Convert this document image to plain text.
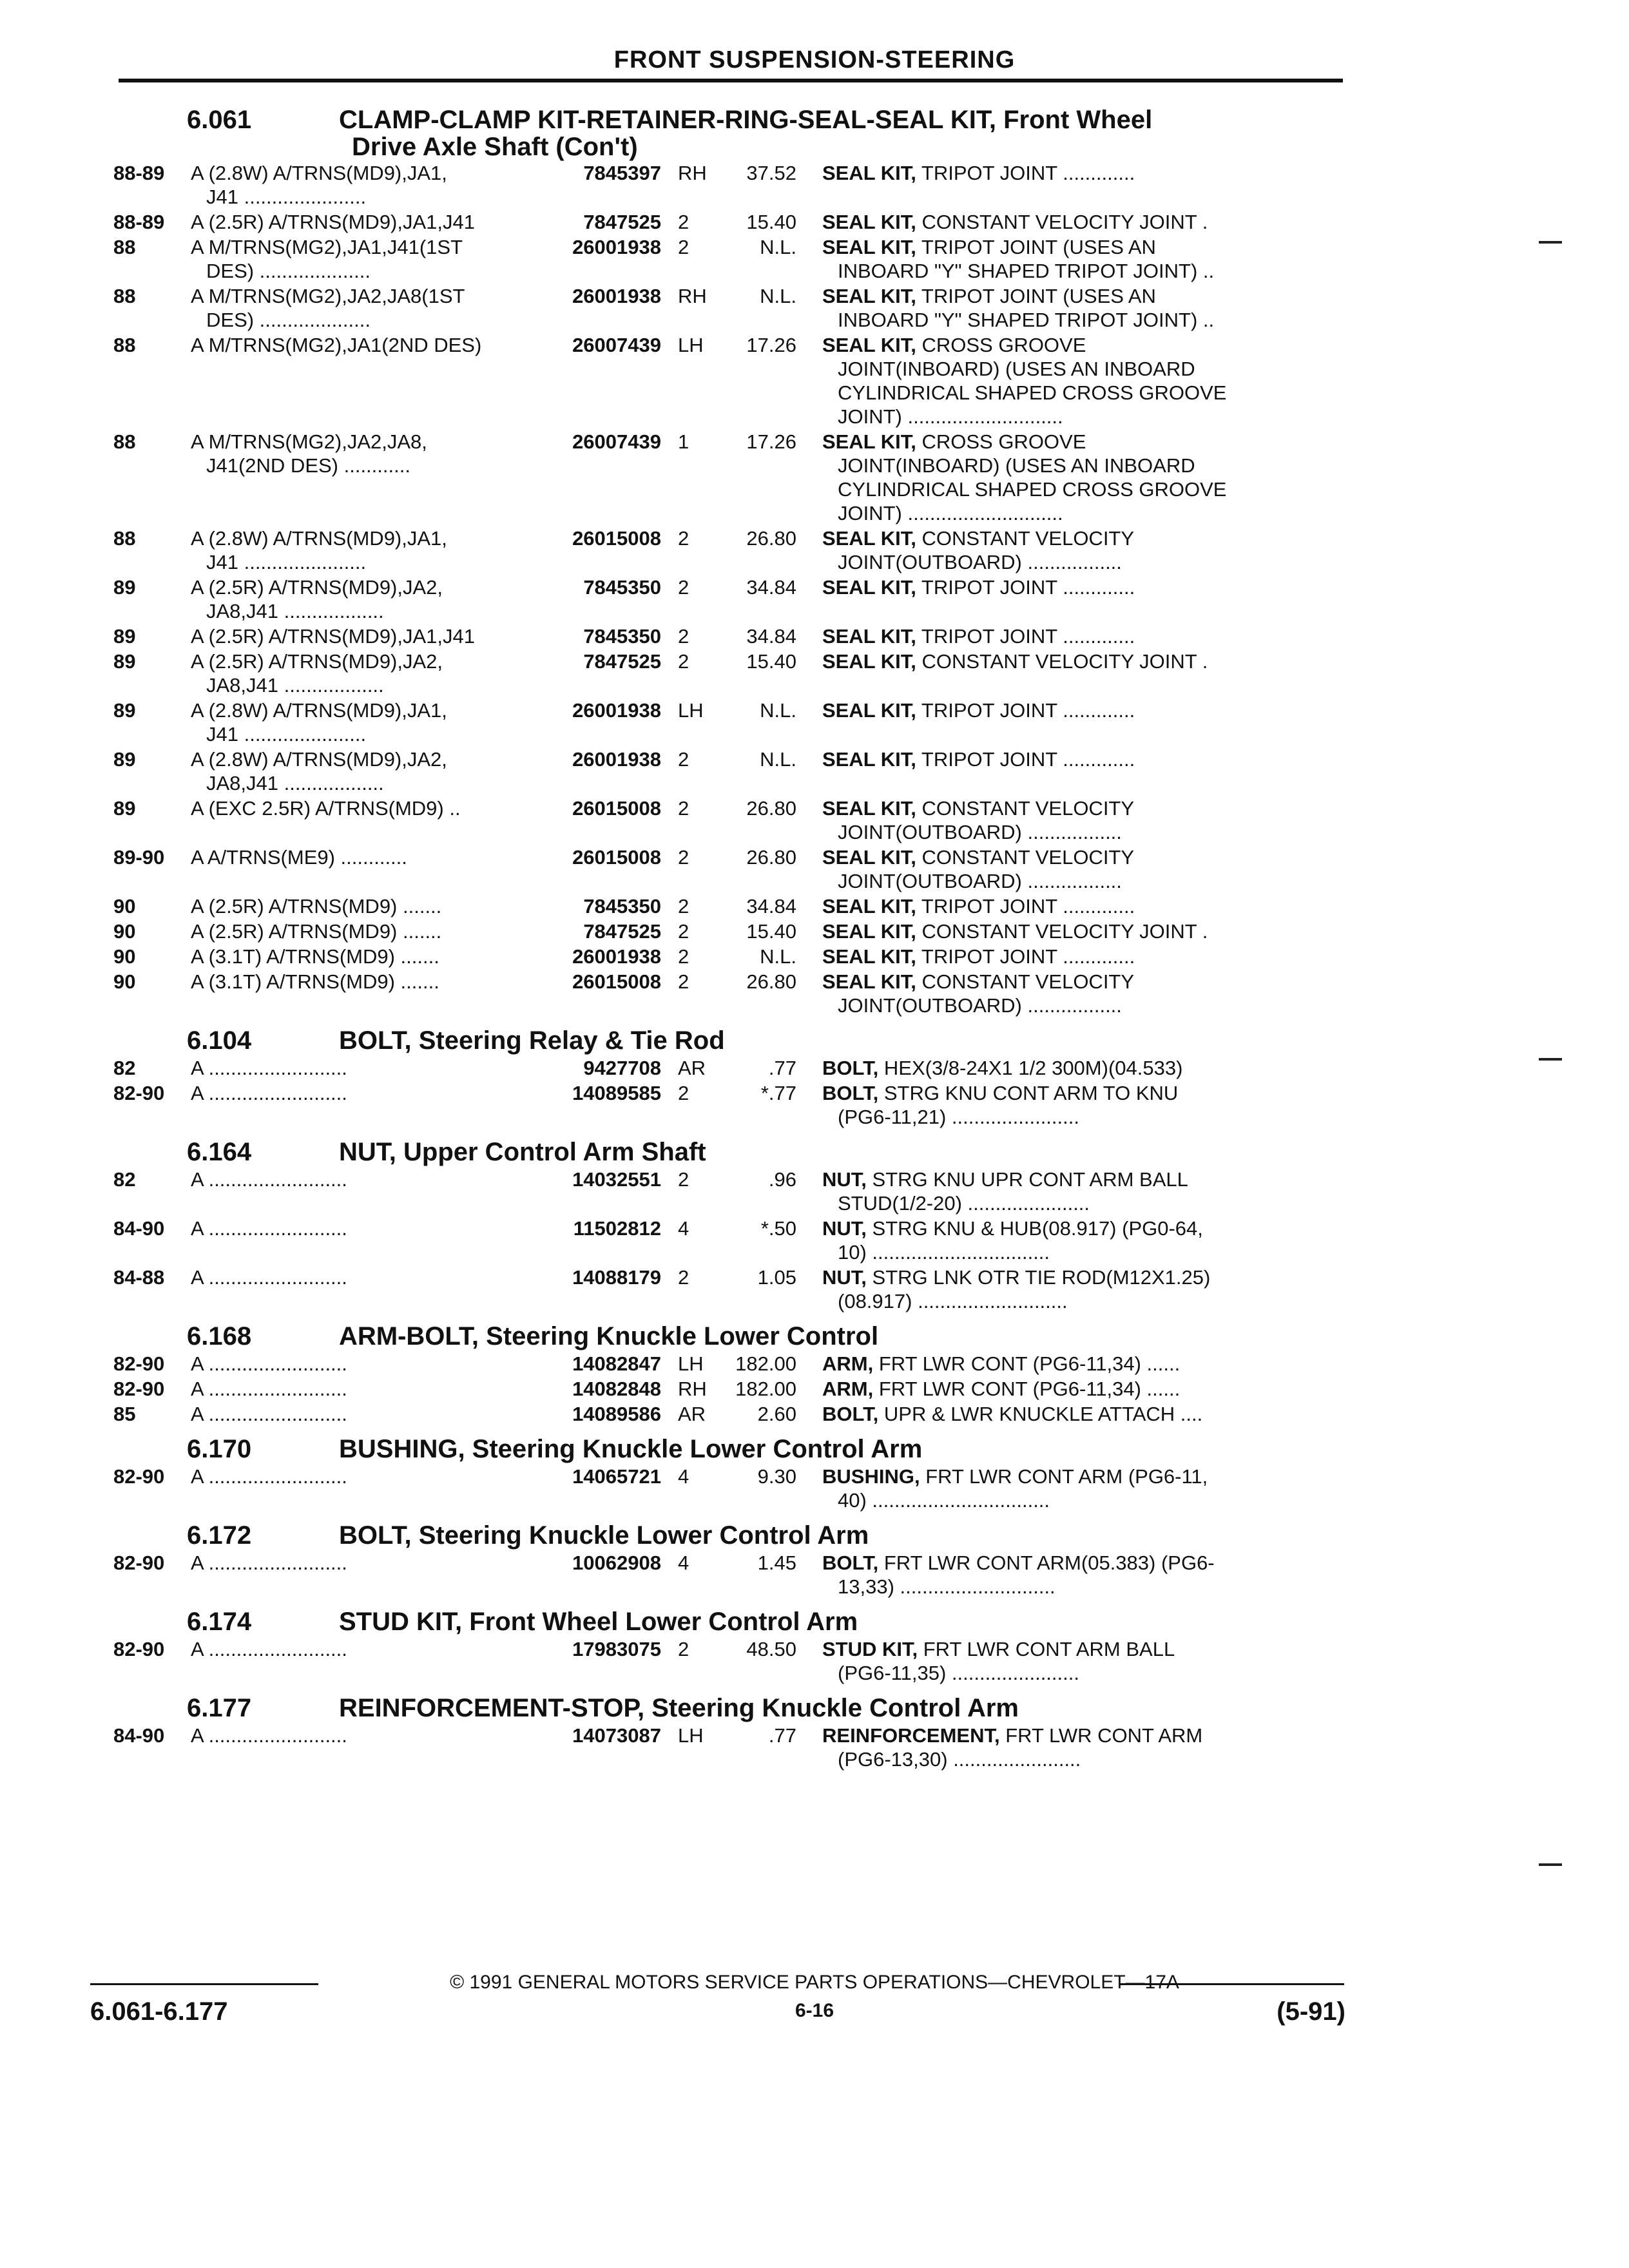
FRONT SUSPENSION-STEERING
6.061	CLAMP-CLAMP KIT-RETAINER-RING-SEAL-SEAL KIT, Front Wheel
Drive Axle Shaft (Con't)
88-89	A (2.8W) A/TRNS(MD9),JA1,
J41 ......................
7845397 RH	37.52 SEAL KIT, TRIPOT JOINT .............
88-89	A (2.5R) A/TRNS(MD9),JA1,J41	7847525 2	15.40 SEAL KIT, CONSTANT VELOCITY JOINT .
88	A M/TRNS(MG2),JA1,J41(1ST
DES) ....................
26001938 2	N.L. SEAL KIT, TRIPOT JOINT (USES AN
INBOARD "Y" SHAPED TRIPOT JOINT) ..
88	A M/TRNS(MG2),JA2,JA8(1ST
DES) ....................
26001938 RH	N.L. SEAL KIT, TRIPOT JOINT (USES AN
INBOARD "Y" SHAPED TRIPOT JOINT) ..
88	A M/TRNS(MG2),JA1(2ND DES)	26007439 LH	17.26 SEAL KIT, CROSS GROOVE
JOINT(INBOARD) (USES AN INBOARD
CYLINDRICAL SHAPED CROSS GROOVE
JOINT) ............................
88	A M/TRNS(MG2),JA2,JA8,
J41(2ND DES) ............
26007439 1	17.26 SEAL KIT, CROSS GROOVE
JOINT(INBOARD) (USES AN INBOARD
CYLINDRICAL SHAPED CROSS GROOVE
JOINT) ............................
88	A (2.8W) A/TRNS(MD9),JA1,
J41 ......................
26015008 2	26.80 SEAL KIT, CONSTANT VELOCITY
JOINT(OUTBOARD) .................
89	A (2.5R) A/TRNS(MD9),JA2,
JA8,J41 ..................
7845350 2	34.84 SEAL KIT, TRIPOT JOINT .............
89	A (2.5R) A/TRNS(MD9),JA1,J41	7845350 2	34.84 SEAL KIT, TRIPOT JOINT .............
89	A (2.5R) A/TRNS(MD9),JA2,
JA8,J41 ..................
7847525 2	15.40 SEAL KIT, CONSTANT VELOCITY JOINT .
89	A (2.8W) A/TRNS(MD9),JA1,
J41 ......................
26001938 LH	N.L. SEAL KIT, TRIPOT JOINT .............
89	A (2.8W) A/TRNS(MD9),JA2,
JA8,J41 ..................
26001938 2	N.L. SEAL KIT, TRIPOT JOINT .............
89	A (EXC 2.5R) A/TRNS(MD9) ..	26015008 2	26.80 SEAL KIT, CONSTANT VELOCITY
JOINT(OUTBOARD) .................
89-90	A A/TRNS(ME9) ............	26015008 2	26.80 SEAL KIT, CONSTANT VELOCITY
JOINT(OUTBOARD) .................
90	A (2.5R) A/TRNS(MD9) .......	7845350 2	34.84 SEAL KIT, TRIPOT JOINT .............
90	A (2.5R) A/TRNS(MD9) .......	7847525 2	15.40 SEAL KIT, CONSTANT VELOCITY JOINT .
90	A (3.1T) A/TRNS(MD9) .......	26001938 2	N.L. SEAL KIT, TRIPOT JOINT .............
90	A (3.1T) A/TRNS(MD9) .......	26015008 2	26.80 SEAL KIT, CONSTANT VELOCITY
JOINT(OUTBOARD) .................
6.104	BOLT, Steering Relay & Tie Rod
82	A .........................	9427708 AR	.77 BOLT, HEX(3/8-24X1 1/2 300M)(04.533)
82-90	A .........................	14089585 2	*.77 BOLT, STRG KNU CONT ARM TO KNU
(PG6-11,21) .......................
6.164	NUT, Upper Control Arm Shaft
82	A .........................	14032551 2	.96 NUT, STRG KNU UPR CONT ARM BALL
STUD(1/2-20) ......................
84-90	A .........................	11502812 4	*.50 NUT, STRG KNU & HUB(08.917) (PG0-64,
10) ................................
84-88	A .........................	14088179 2	1.05 NUT, STRG LNK OTR TIE ROD(M12X1.25)
(08.917) ...........................
6.168	ARM-BOLT, Steering Knuckle Lower Control
82-90	A .........................	14082847 LH	182.00 ARM, FRT LWR CONT (PG6-11,34) ......
82-90	A .........................	14082848 RH	182.00 ARM, FRT LWR CONT (PG6-11,34) ......
85	A .........................	14089586 AR	2.60 BOLT, UPR & LWR KNUCKLE ATTACH ....
6.170	BUSHING, Steering Knuckle Lower Control Arm
82-90	A .........................	14065721 4	9.30 BUSHING, FRT LWR CONT ARM (PG6-11,
40) ................................
6.172	BOLT, Steering Knuckle Lower Control Arm
82-90	A .........................	10062908 4	1.45 BOLT, FRT LWR CONT ARM(05.383) (PG6-
13,33) ............................
6.174	STUD KIT, Front Wheel Lower Control Arm
82-90	A .........................	17983075 2	48.50 STUD KIT, FRT LWR CONT ARM BALL
(PG6-11,35) .......................
6.177	REINFORCEMENT-STOP, Steering Knuckle Control Arm
84-90	A .........................	14073087 LH	.77 REINFORCEMENT, FRT LWR CONT ARM
(PG6-13,30) .......................
© 1991 GENERAL MOTORS SERVICE PARTS OPERATIONS—CHEVROLET—17A
6.061-6.177	6-16	(5-91)
